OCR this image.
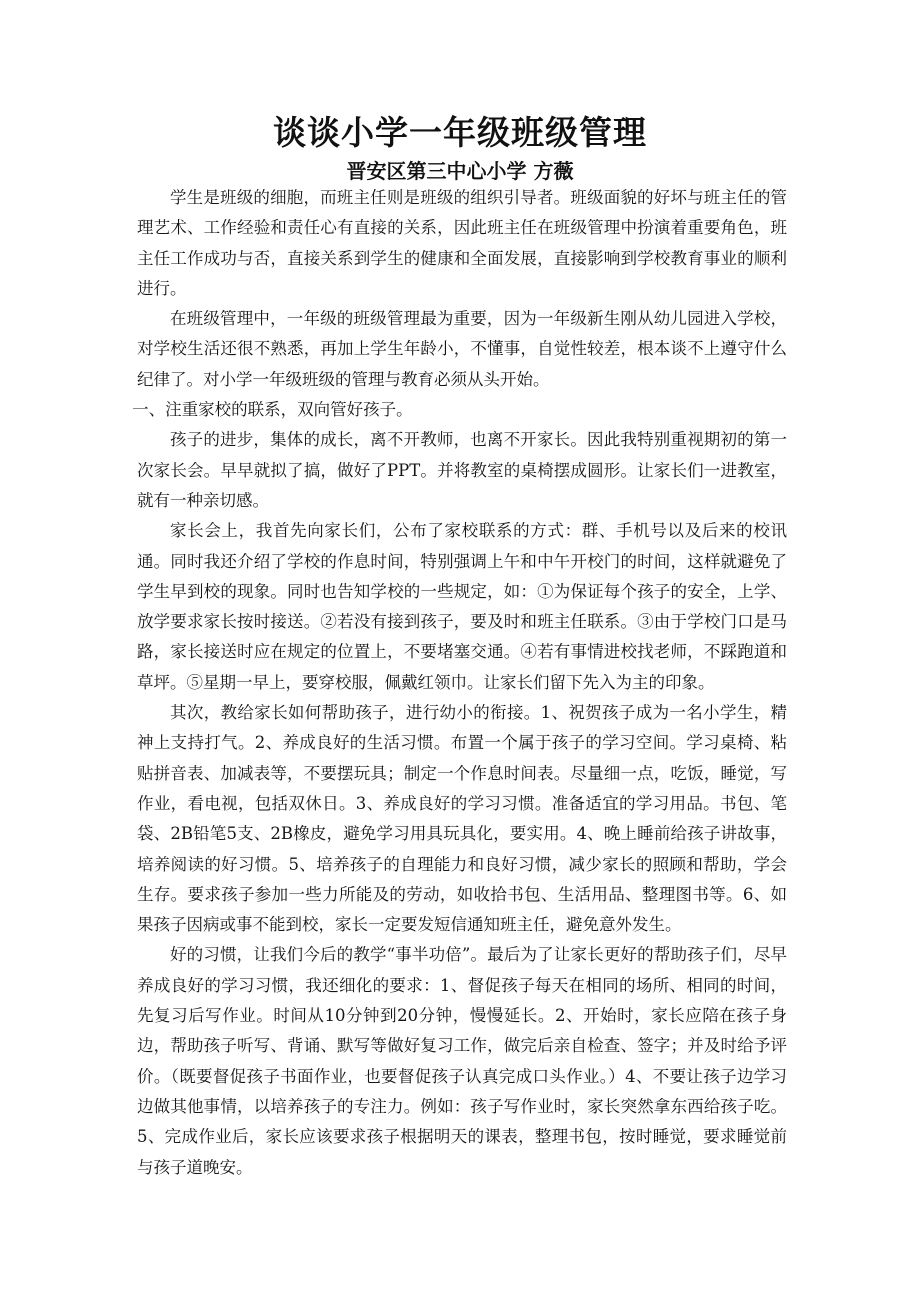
谈谈小学一年级班级管理
晋安区第三中心小学 方薇

学生是班级的细胞，而班主任则是班级的组织引导者。班级面貌的好坏与班主任的管理艺术、工作经验和责任心有直接的关系，因此班主任在班级管理中扮演着重要角色，班主任工作成功与否，直接关系到学生的健康和全面发展，直接影响到学校教育事业的顺利进行。

在班级管理中，一年级的班级管理最为重要，因为一年级新生刚从幼儿园进入学校，对学校生活还很不熟悉，再加上学生年龄小，不懂事，自觉性较差，根本谈不上遵守什么纪律了。对小学一年级班级的管理与教育必须从头开始。

一、注重家校的联系，双向管好孩子。

孩子的进步，集体的成长，离不开教师，也离不开家长。因此我特别重视期初的第一次家长会。早早就拟了搞，做好了PPT。并将教室的桌椅摆成圆形。让家长们一进教室，就有一种亲切感。

家长会上，我首先向家长们，公布了家校联系的方式：群、手机号以及后来的校讯通。同时我还介绍了学校的作息时间，特别强调上午和中午开校门的时间，这样就避免了学生早到校的现象。同时也告知学校的一些规定，如：①为保证每个孩子的安全，上学、放学要求家长按时接送。②若没有接到孩子，要及时和班主任联系。③由于学校门口是马路，家长接送时应在规定的位置上，不要堵塞交通。④若有事情进校找老师，不踩跑道和草坪。⑤星期一早上，要穿校服，佩戴红领巾。让家长们留下先入为主的印象。

其次，教给家长如何帮助孩子，进行幼小的衔接。1、祝贺孩子成为一名小学生，精神上支持打气。2、养成良好的生活习惯。布置一个属于孩子的学习空间。学习桌椅、粘贴拼音表、加减表等，不要摆玩具；制定一个作息时间表。尽量细一点，吃饭，睡觉，写作业，看电视，包括双休日。3、养成良好的学习习惯。准备适宜的学习用品。书包、笔袋、2B铅笔5支、2B橡皮，避免学习用具玩具化，要实用。4、晚上睡前给孩子讲故事，培养阅读的好习惯。5、培养孩子的自理能力和良好习惯，减少家长的照顾和帮助，学会生存。要求孩子参加一些力所能及的劳动，如收拾书包、生活用品、整理图书等。6、如果孩子因病或事不能到校，家长一定要发短信通知班主任，避免意外发生。

好的习惯，让我们今后的教学“事半功倍”。最后为了让家长更好的帮助孩子们，尽早养成良好的学习习惯，我还细化的要求：1、督促孩子每天在相同的场所、相同的时间，先复习后写作业。时间从10分钟到20分钟，慢慢延长。2、开始时，家长应陪在孩子身边，帮助孩子听写、背诵、默写等做好复习工作，做完后亲自检查、签字；并及时给予评价。（既要督促孩子书面作业，也要督促孩子认真完成口头作业。）4、不要让孩子边学习边做其他事情，以培养孩子的专注力。例如：孩子写作业时，家长突然拿东西给孩子吃。5、完成作业后，家长应该要求孩子根据明天的课表，整理书包，按时睡觉，要求睡觉前与孩子道晚安。
